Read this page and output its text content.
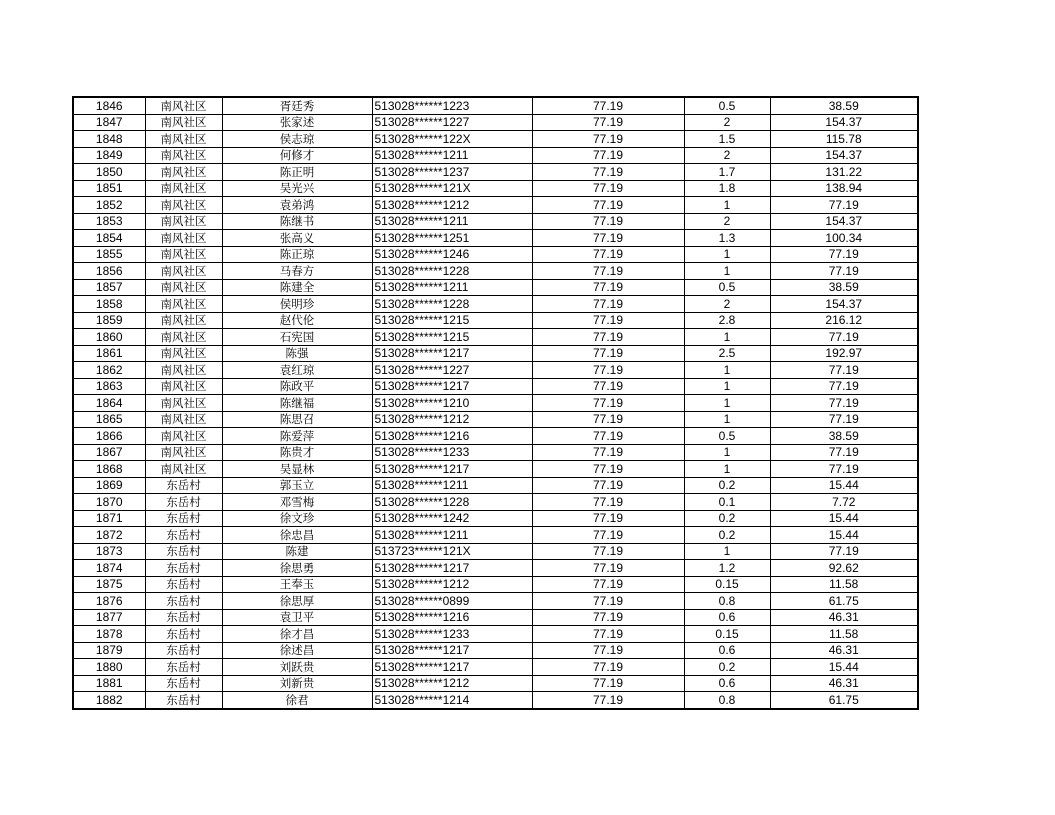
1846	南风社区	胥廷秀	513028******1223	77.19	0.5	38.59
1847	南风社区	张家述	513028******1227	77.19	2	154.37
1848	南风社区	侯志琼	513028******122X	77.19	1.5	115.78
1849	南风社区	何修才	513028******1211	77.19	2	154.37
1850	南风社区	陈正明	513028******1237	77.19	1.7	131.22
1851	南风社区	吴光兴	513028******121X	77.19	1.8	138.94
1852	南风社区	袁弟鸿	513028******1212	77.19	1	77.19
1853	南风社区	陈继书	513028******1211	77.19	2	154.37
1854	南风社区	张高义	513028******1251	77.19	1.3	100.34
1855	南风社区	陈正琼	513028******1246	77.19	1	77.19
1856	南风社区	马春方	513028******1228	77.19	1	77.19
1857	南风社区	陈建全	513028******1211	77.19	0.5	38.59
1858	南风社区	侯明珍	513028******1228	77.19	2	154.37
1859	南风社区	赵代伦	513028******1215	77.19	2.8	216.12
1860	南风社区	石宪国	513028******1215	77.19	1	77.19
1861	南风社区	陈强	513028******1217	77.19	2.5	192.97
1862	南风社区	袁红琼	513028******1227	77.19	1	77.19
1863	南风社区	陈政平	513028******1217	77.19	1	77.19
1864	南风社区	陈继福	513028******1210	77.19	1	77.19
1865	南风社区	陈思召	513028******1212	77.19	1	77.19
1866	南风社区	陈爱萍	513028******1216	77.19	0.5	38.59
1867	南风社区	陈贵才	513028******1233	77.19	1	77.19
1868	南风社区	吴显林	513028******1217	77.19	1	77.19
1869	东岳村	郭玉立	513028******1211	77.19	0.2	15.44
1870	东岳村	邓雪梅	513028******1228	77.19	0.1	7.72
1871	东岳村	徐文珍	513028******1242	77.19	0.2	15.44
1872	东岳村	徐忠昌	513028******1211	77.19	0.2	15.44
1873	东岳村	陈建	513723******121X	77.19	1	77.19
1874	东岳村	徐思勇	513028******1217	77.19	1.2	92.62
1875	东岳村	王奉玉	513028******1212	77.19	0.15	11.58
1876	东岳村	徐思厚	513028******0899	77.19	0.8	61.75
1877	东岳村	袁卫平	513028******1216	77.19	0.6	46.31
1878	东岳村	徐才昌	513028******1233	77.19	0.15	11.58
1879	东岳村	徐述昌	513028******1217	77.19	0.6	46.31
1880	东岳村	刘跃贵	513028******1217	77.19	0.2	15.44
1881	东岳村	刘新贵	513028******1212	77.19	0.6	46.31
1882	东岳村	徐君	513028******1214	77.19	0.8	61.75
